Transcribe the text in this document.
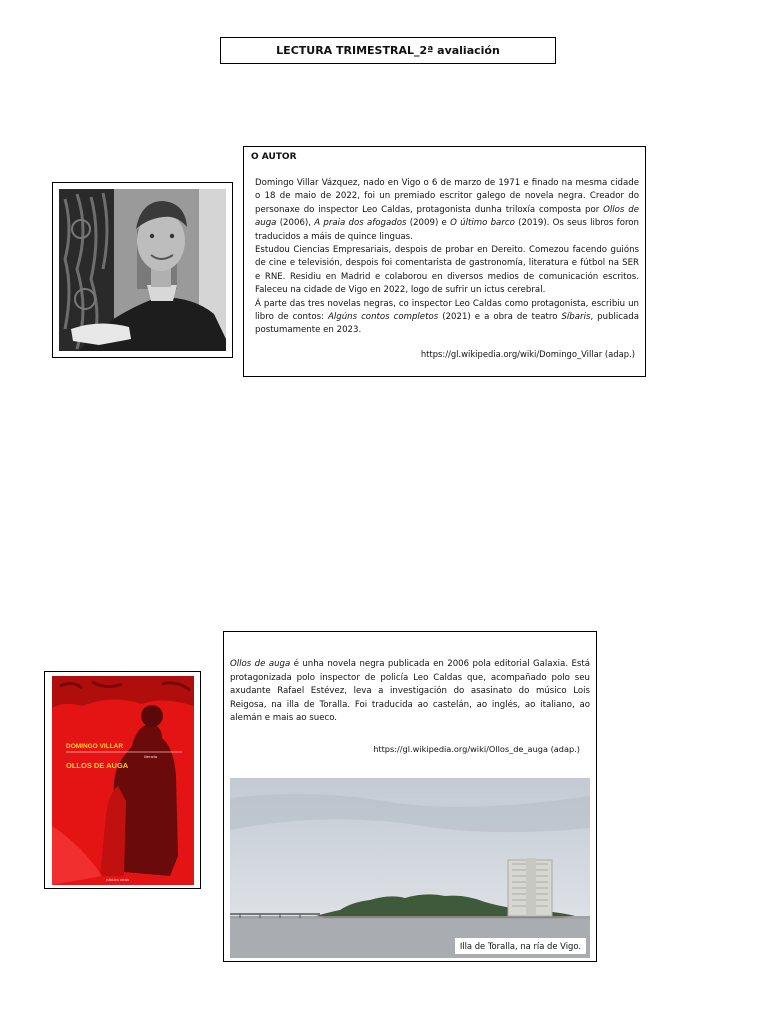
LECTURA TRIMESTRAL_2ª avaliación
O AUTOR

Domingo Villar Vázquez, nado en Vigo o 6 de marzo de 1971 e finado na mesma cidade o 18 de maio de 2022, foi un premiado escritor galego de novela negra. Creador do personaxe do inspector Leo Caldas, protagonista dunha triloxía composta por Ollos de auga (2006), A praia dos afogados (2009) e O último barco (2019). Os seus libros foron traducidos a máis de quince linguas.

Estudou Ciencias Empresariais, despois de probar en Dereito. Comezou facendo guións de cine e televisión, despois foi comentarista de gastronomía, literatura e fútbol na SER e RNE. Residiu en Madrid e colaborou en diversos medios de comunicación escritos. Faleceu na cidade de Vigo en 2022, logo de sufrir un ictus cerebral.

Á parte das tres novelas negras, co inspector Leo Caldas como protagonista, escribiu un libro de contos: Algúns contos completos (2021) e a obra de teatro Síbaris, publicada postumamente en 2023.

https://gl.wikipedia.org/wiki/Domingo_Villar (adap.)
DOMINGO VILLAR
literaria
OLLOS DE AUGA
edicións xerais
Ollos de auga é unha novela negra publicada en 2006 pola editorial Galaxia. Está protagonizada polo inspector de policía Leo Caldas que, acompañado polo seu axudante Rafael Estévez, leva a investigación do asasinato do músico Lois Reigosa, na illa de Toralla. Foi traducida ao castelán, ao inglés, ao italiano, ao alemán e mais ao sueco.
https://gl.wikipedia.org/wiki/Ollos_de_auga (adap.)
Illa de Toralla, na ría de Vigo.
